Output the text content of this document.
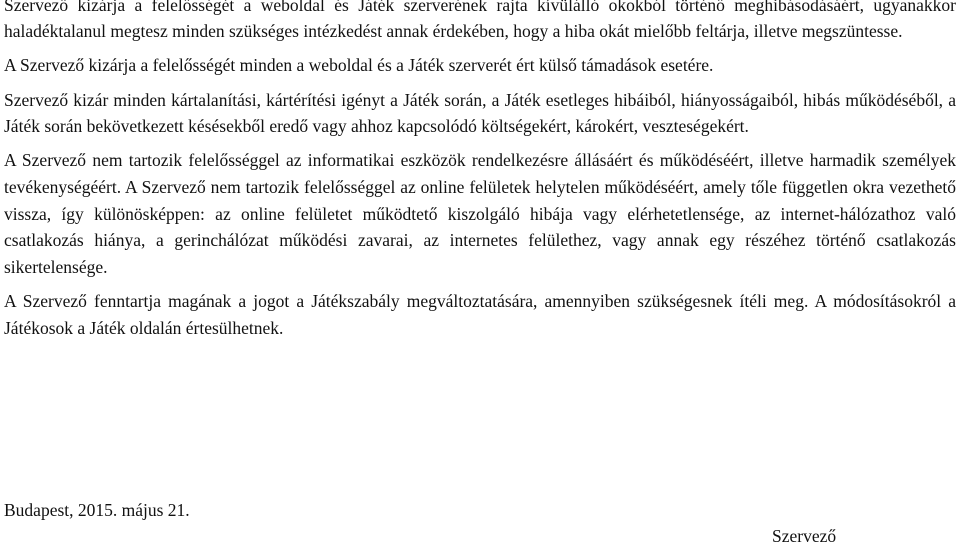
Szervező kizárja a felelősségét a weboldal és Játék szerverének rajta kívülálló okokból történő meghibásodásáért, ugyanakkor haladéktalanul megtesz minden szükséges intézkedést annak érdekében, hogy a hiba okát mielőbb feltárja, illetve megszüntesse.

A Szervező kizárja a felelősségét minden a weboldal és a Játék szerverét ért külső támadások esetére.

Szervező kizár minden kártalanítási, kártérítési igényt a Játék során, a Játék esetleges hibáiból, hiányosságaiból, hibás működéséből, a Játék során bekövetkezett késésekből eredő vagy ahhoz kapcsolódó költségekért, károkért, veszteségekért.

A Szervező nem tartozik felelősséggel az informatikai eszközök rendelkezésre állásáért és működéséért, illetve harmadik személyek tevékenységéért. A Szervező nem tartozik felelősséggel az online felületek helytelen működéséért, amely tőle független okra vezethető vissza, így különösképpen: az online felületet működtető kiszolgáló hibája vagy elérhetetlensége, az internet-hálózathoz való csatlakozás hiánya, a gerinchálózat működési zavarai, az internetes felülethez, vagy annak egy részéhez történő csatlakozás sikertelensége.

A Szervező fenntartja magának a jogot a Játékszabály megváltoztatására, amennyiben szükségesnek ítéli meg. A módosításokról a Játékosok a Játék oldalán értesülhetnek.

Budapest, 2015. május 21.

Szervező
